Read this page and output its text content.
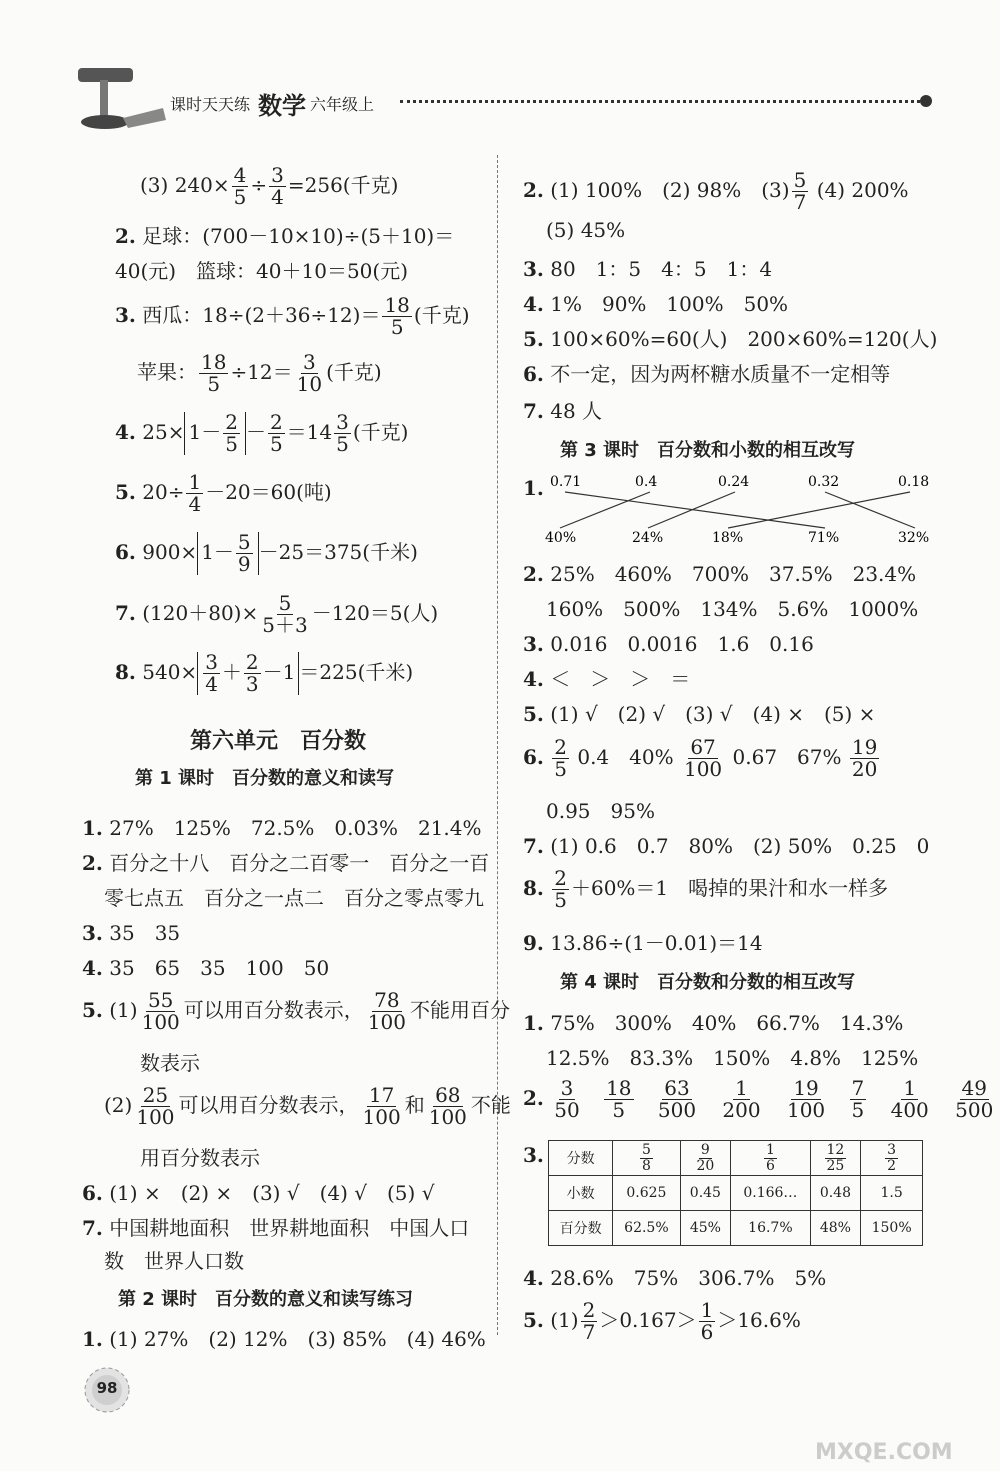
课时天天练 数学 六年级上
(3) $240\times \frac{4}{5} \div \frac{3}{4} =256$(千克)
2. 足球：(700－10×10)÷(5＋10)＝
40(元)　篮球：40＋10＝50(元)
3. 西瓜：$18\div(2+36\div 12)= \frac{18}{5}$ (千克)
苹果： $\frac{18}{5} \div 12= \frac{3}{10}$ (千克)
4. $25\times 1- \frac{2}{5} - \frac{2}{5} =14 \frac{3}{5}$ (千克)
5. $20\div \frac{1}{4} -20=60$(吨)
6. $900\times 1- \frac{5}{9} -25=375$(千米)
7. $(120+80)\times \frac{5}{5+3} -120=5$(人)
8. $540\times \frac{3}{4} + \frac{2}{3} -1 =225$(千米)
第六单元　百分数
第 1 课时　百分数的意义和读写
1. 27%　125%　72.5%　0.03%　21.4%
2. 百分之十八　百分之二百零一　百分之一百
零七点五　百分之一点二　百分之零点零九
3. 35　35
4. 35　65　35　100　50
5. $(1) \frac{55}{100}$ 可以用百分数表示， $\frac{78}{100}$ 不能用百分
数表示
$(2) \frac{25}{100}$ 可以用百分数表示， $\frac{17}{100}$ 和 $\frac{68}{100}$ 不能
用百分数表示
6. (1) ×　(2) ×　(3) √　(4) √　(5) √
7. 中国耕地面积　世界耕地面积　中国人口
数　世界人口数
第 2 课时　百分数的意义和读写练习
1. (1) 27%　(2) 12%　(3) 85%　(4) 46%
2. (1) 100%　(2) 98%　$(3) \frac{5}{7} (4)$ 200%
(5) 45%
3. 80　1：5　4：5　1：4
4. 1%　90%　100%　50%
5. 100×60%=60(人)　200×60%=120(人)
6. 不一定，因为两杯糖水质量不一定相等
7. 48 人
第 3 课时　百分数和小数的相互改写
1. 0.71	0.4	0.24	0.32	0.18
40%	24%	18%	71%	32%
2. 25%　460%　700%　37.5%　23.4%
160%　500%　134%　5.6%　1000%
3. 0.016　0.0016　1.6　0.16
4. ＜　＞　＞　＝
5. (1) √　(2) √　(3) √　(4) ×　(5) ×
6. $\frac{2}{5} 0.4$　$40\% \frac{67}{100} 0.67$　$67\% \frac{19}{20}$
0.95　95%
7. (1) 0.6　0.7　80%　(2) 50%　0.25　0
8. $\frac{2}{5} +60\%=1$　喝掉的果汁和水一样多
9. 13.86÷(1－0.01)＝14
第 4 课时　百分数和分数的相互改写
1. 75%　300%　40%　66.7%　14.3%
12.5%　83.3%　150%　4.8%　125%
2. $\frac{3}{50}$
$\frac{18}{5}$
$\frac{63}{500}$
$\frac{1}{200}$
$\frac{19}{100}$
$\frac{7}{5}$
$\frac{1}{400}$
$\frac{49}{500}$
3. 分数	$\frac{5}{8}$	$\frac{9}{20}$	$\frac{1}{6}$	$\frac{12}{25}$	$\frac{3}{2}$

小数	0.625	0.45	0.166…	0.48	1.5
百分数	62.5%	45%	16.7%	48%	150%
4. 28.6%　75%　306.7%　5%
5. $(1) \frac{2}{7} >0.167> \frac{1}{6} >16.6\%$
98
MXQE.COM
